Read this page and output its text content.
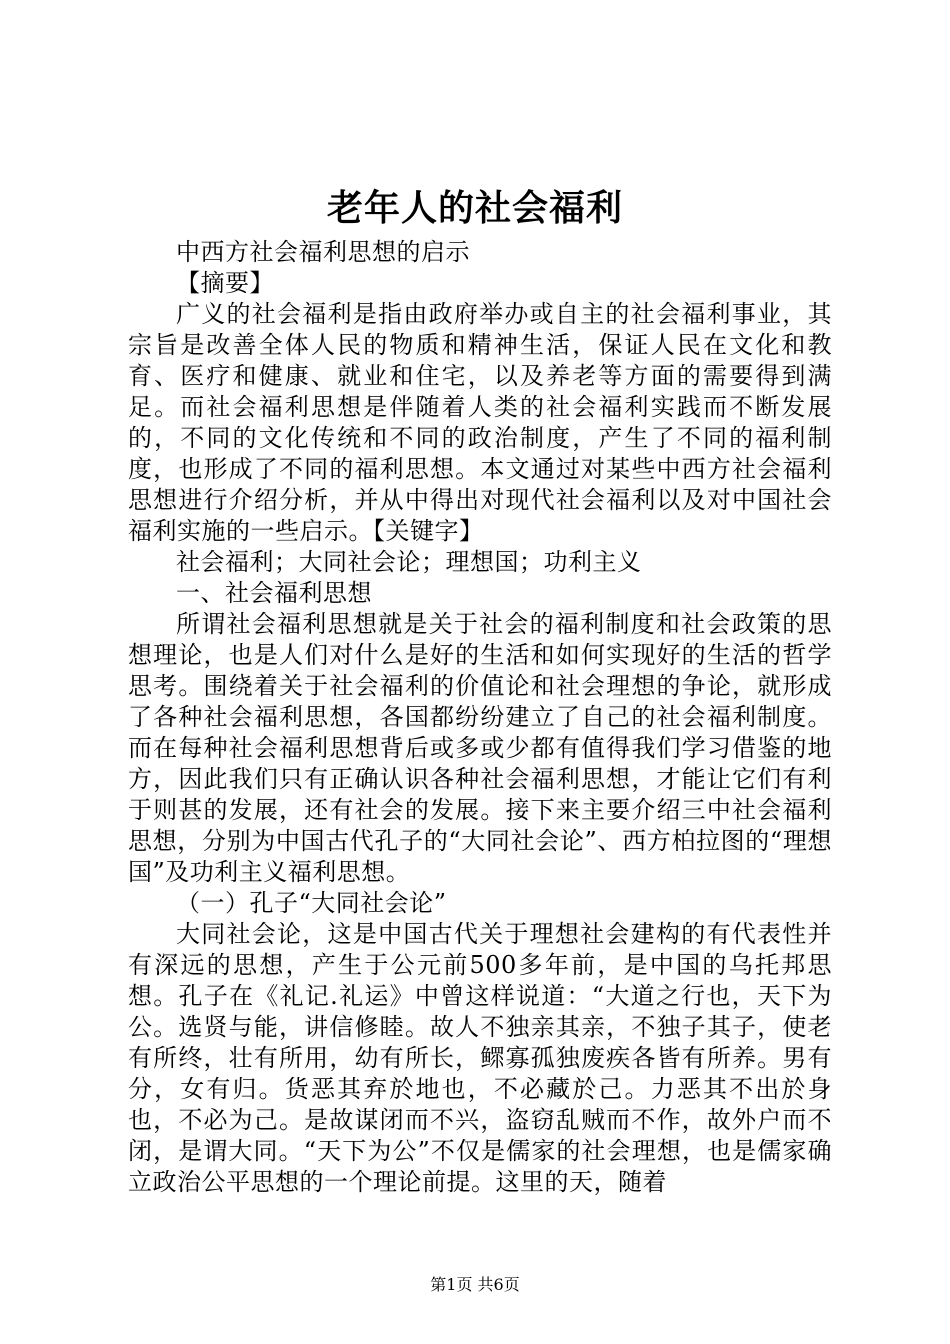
老年人的社会福利

中西方社会福利思想的启示

【摘要】

广义的社会福利是指由政府举办或自主的社会福利事业，其宗旨是改善全体人民的物质和精神生活，保证人民在文化和教育、医疗和健康、就业和住宅，以及养老等方面的需要得到满足。而社会福利思想是伴随着人类的社会福利实践而不断发展的，不同的文化传统和不同的政治制度，产生了不同的福利制度，也形成了不同的福利思想。本文通过对某些中西方社会福利思想进行介绍分析，并从中得出对现代社会福利以及对中国社会福利实施的一些启示。【关键字】

社会福利；大同社会论；理想国；功利主义

一、社会福利思想

所谓社会福利思想就是关于社会的福利制度和社会政策的思想理论，也是人们对什么是好的生活和如何实现好的生活的哲学思考。围绕着关于社会福利的价值论和社会理想的争论，就形成了各种社会福利思想，各国都纷纷建立了自己的社会福利制度。而在每种社会福利思想背后或多或少都有值得我们学习借鉴的地方，因此我们只有正确认识各种社会福利思想，才能让它们有利于则甚的发展，还有社会的发展。接下来主要介绍三中社会福利思想，分别为中国古代孔子的“大同社会论”、西方柏拉图的“理想国”及功利主义福利思想。

（一）孔子“大同社会论”

大同社会论，这是中国古代关于理想社会建构的有代表性并有深远的思想，产生于公元前500多年前，是中国的乌托邦思想。孔子在《礼记.礼运》中曾这样说道：“大道之行也，天下为公。选贤与能，讲信修睦。故人不独亲其亲，不独子其子，使老有所终，壮有所用，幼有所长，鳏寡孤独废疾各皆有所养。男有分，女有归。货恶其弃於地也，不必藏於己。力恶其不出於身也，不必为己。是故谋闭而不兴，盗窃乱贼而不作，故外户而不闭，是谓大同。“天下为公”不仅是儒家的社会理想，也是儒家确立政治公平思想的一个理论前提。这里的天，随着

第1页 共6页
